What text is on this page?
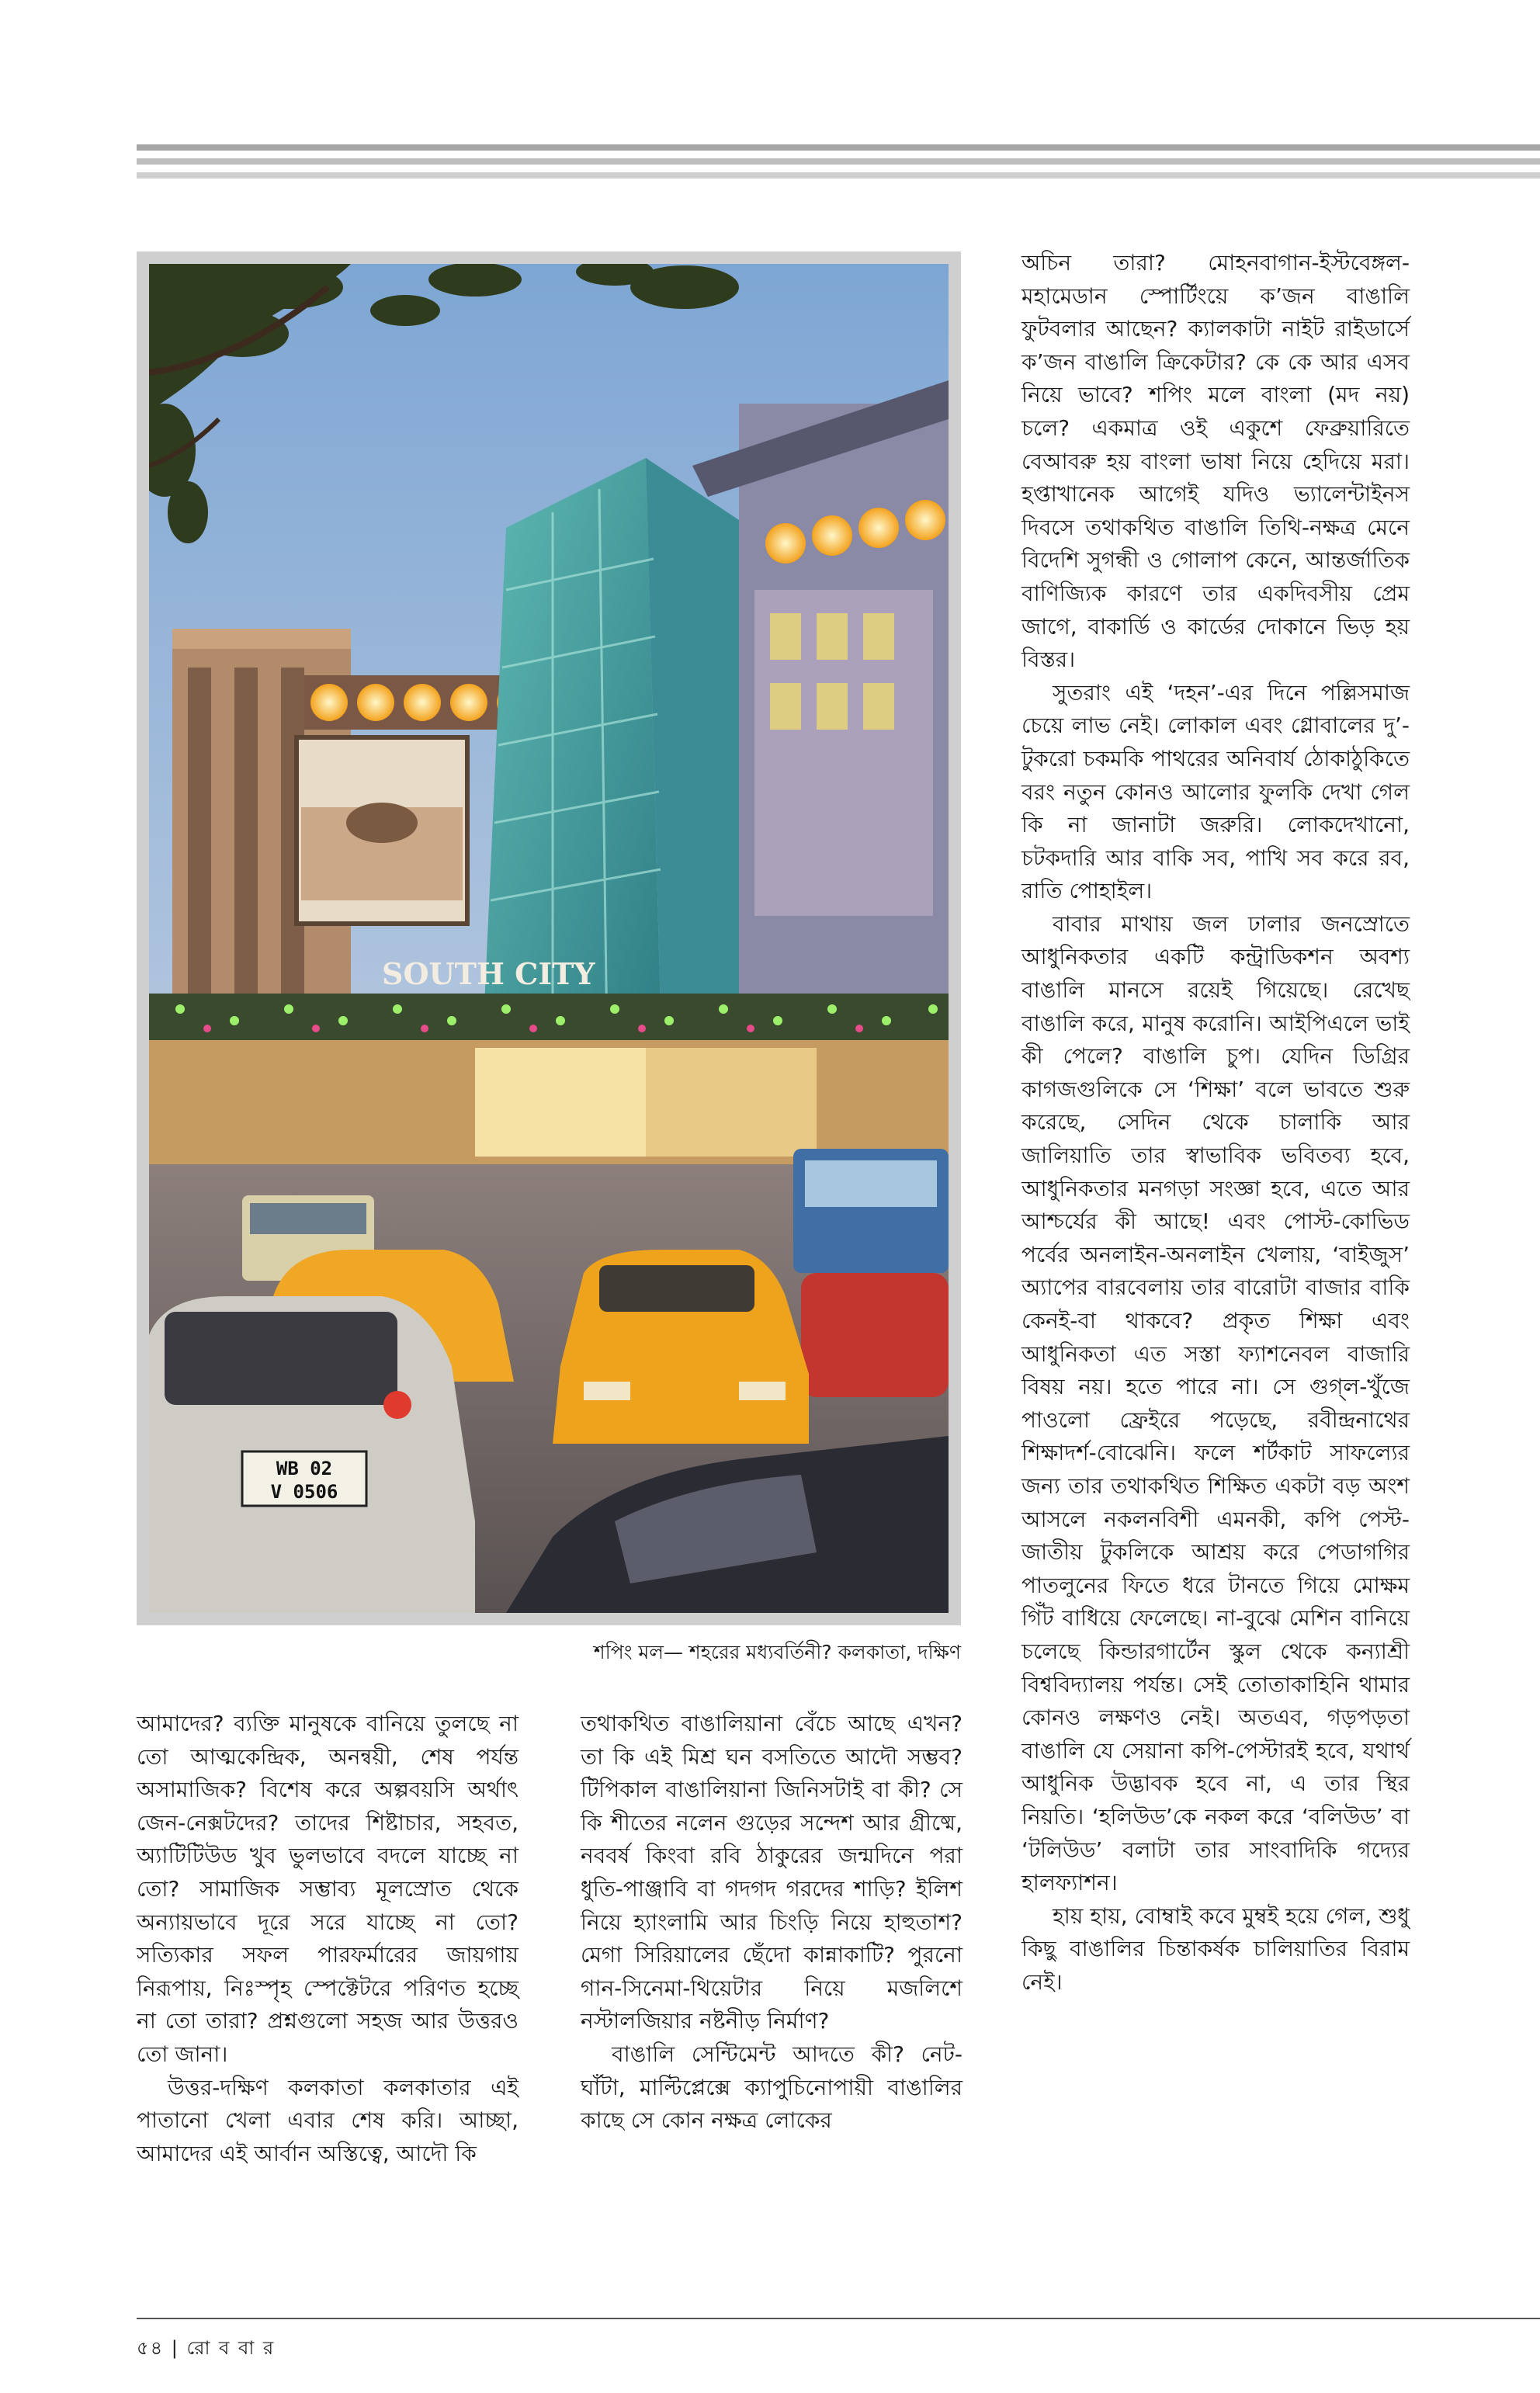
SOUTH CITY
WB 02
V 0506
শপিং মল— শহরের মধ্যবর্তিনী? কলকাতা, দক্ষিণ

আমাদের? ব্যক্তি মানুষকে বানিয়ে তুলছে না তো আত্মকেন্দ্রিক, অনন্বয়ী, শেষ পর্যন্ত অসামাজিক? বিশেষ করে অল্পবয়সি অর্থাৎ জেন-নেক্সটদের? তাদের শিষ্টাচার, সহবত, অ্যাটিটিউড খুব ভুলভাবে বদলে যাচ্ছে না তো? সামাজিক সম্ভাব্য মূলস্রোত থেকে অন্যায়ভাবে দূরে সরে যাচ্ছে না তো? সত্যিকার সফল পারফর্মারের জায়গায় নিরূপায়, নিঃস্পৃহ স্পেক্টেটরে পরিণত হচ্ছে না তো তারা? প্রশ্নগুলো সহজ আর উত্তরও তো জানা।

উত্তর-দক্ষিণ কলকাতা কলকাতার এই পাতানো খেলা এবার শেষ করি। আচ্ছা, আমাদের এই আর্বান অস্তিত্বে, আদৌ কি

তথাকথিত বাঙালিয়ানা বেঁচে আছে এখন? তা কি এই মিশ্র ঘন বসতিতে আদৌ সম্ভব? টিপিকাল বাঙালিয়ানা জিনিসটাই বা কী? সে কি শীতের নলেন গুড়ের সন্দেশ আর গ্রীষ্মে, নববর্ষ কিংবা রবি ঠাকুরের জন্মদিনে পরা ধুতি-পাঞ্জাবি বা গদগদ গরদের শাড়ি? ইলিশ নিয়ে হ্যাংলামি আর চিংড়ি নিয়ে হাহুতাশ? মেগা সিরিয়ালের ছেঁদো কান্নাকাটি? পুরনো গান-সিনেমা-থিয়েটার নিয়ে মজলিশে নস্টালজিয়ার নষ্টনীড় নির্মাণ?

বাঙালি সেন্টিমেন্ট আদতে কী? নেট-ঘাঁটা, মাল্টিপ্লেক্সে ক্যাপুচিনোপায়ী বাঙালির কাছে সে কোন নক্ষত্র লোকের

অচিন তারা? মোহনবাগান-ইস্টবেঙ্গল-মহামেডান স্পোর্টিংয়ে ক’জন বাঙালি ফুটবলার আছেন? ক্যালকাটা নাইট রাইডার্সে ক’জন বাঙালি ক্রিকেটার? কে কে আর এসব নিয়ে ভাবে? শপিং মলে বাংলা (মদ নয়) চলে? একমাত্র ওই একুশে ফেব্রুয়ারিতে বেআবরু হয় বাংলা ভাষা নিয়ে হেদিয়ে মরা। হপ্তাখানেক আগেই যদিও ভ্যালেন্টাইনস দিবসে তথাকথিত বাঙালি তিথি-নক্ষত্র মেনে বিদেশি সুগন্ধী ও গোলাপ কেনে, আন্তর্জাতিক বাণিজ্যিক কারণে তার একদিবসীয় প্রেম জাগে, বাকার্ডি ও কার্ডের দোকানে ভিড় হয় বিস্তর।

সুতরাং এই ‘দহন’-এর দিনে পল্লিসমাজ চেয়ে লাভ নেই। লোকাল এবং গ্লোবালের দু’-টুকরো চকমকি পাথরের অনিবার্য ঠোকাঠুকিতে বরং নতুন কোনও আলোর ফুলকি দেখা গেল কি না জানাটা জরুরি। লোকদেখানো, চটকদারি আর বাকি সব, পাখি সব করে রব, রাতি পোহাইল।

বাবার মাথায় জল ঢালার জনস্রোতে আধুনিকতার একটি কন্ট্রাডিকশন অবশ্য বাঙালি মানসে রয়েই গিয়েছে। রেখেছ বাঙালি করে, মানুষ করোনি। আইপিএলে ভাই কী পেলে? বাঙালি চুপ। যেদিন ডিগ্রির কাগজগুলিকে সে ‘শিক্ষা’ বলে ভাবতে শুরু করেছে, সেদিন থেকে চালাকি আর জালিয়াতি তার স্বাভাবিক ভবিতব্য হবে, আধুনিকতার মনগড়া সংজ্ঞা হবে, এতে আর আশ্চর্যের কী আছে! এবং পোস্ট-কোভিড পর্বের অনলাইন-অনলাইন খেলায়, ‘বাইজুস’ অ্যাপের বারবেলায় তার বারোটা বাজার বাকি কেনই-বা থাকবে? প্রকৃত শিক্ষা এবং আধুনিকতা এত সস্তা ফ্যাশনেবল বাজারি বিষয় নয়। হতে পারে না। সে গুগ্‌ল-খুঁজে পাওলো ফ্রেইরে পড়েছে, রবীন্দ্রনাথের শিক্ষাদর্শ-বোঝেনি। ফলে শর্টকাট সাফল্যের জন্য তার তথাকথিত শিক্ষিত একটা বড় অংশ আসলে নকলনবিশী এমনকী, কপি পেস্ট-জাতীয় টুকলিকে আশ্রয় করে পেডাগগির পাতলুনের ফিতে ধরে টানতে গিয়ে মোক্ষম গিঁট বাধিয়ে ফেলেছে। না-বুঝে মেশিন বানিয়ে চলেছে কিন্ডারগার্টেন স্কুল থেকে কন্যাশ্রী বিশ্ববিদ্যালয় পর্যন্ত। সেই তোতাকাহিনি থামার কোনও লক্ষণও নেই। অতএব, গড়পড়তা বাঙালি যে সেয়ানা কপি-পেস্টারই হবে, যথার্থ আধুনিক উদ্ভাবক হবে না, এ তার স্থির নিয়তি। ‘হলিউড’কে নকল করে ‘বলিউড’ বা ‘টলিউড’ বলাটা তার সাংবাদিকি গদ্যের হালফ্যাশন।

হায় হায়, বোম্বাই কবে মুম্বই হয়ে গেল, শুধু কিছু বাঙালির চিন্তাকর্ষক চালিয়াতির বিরাম নেই।

৫৪ | রো ব বা র
